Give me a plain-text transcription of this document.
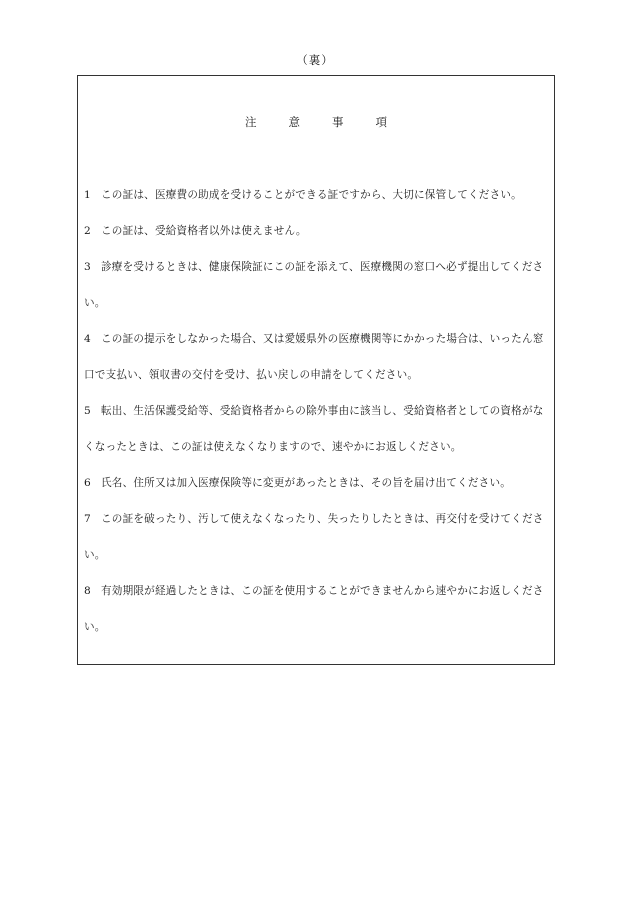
（裏）
注意事項
1 この証は、医療費の助成を受けることができる証ですから、大切に保管してください。
2 この証は、受給資格者以外は使えません。
3 診療を受けるときは、健康保険証にこの証を添えて、医療機関の窓口へ必ず提出してください。
4 この証の提示をしなかった場合、又は愛媛県外の医療機関等にかかった場合は、いったん窓口で支払い、領収書の交付を受け、払い戻しの申請をしてください。
5 転出、生活保護受給等、受給資格者からの除外事由に該当し、受給資格者としての資格がなくなったときは、この証は使えなくなりますので、速やかにお返しください。
6 氏名、住所又は加入医療保険等に変更があったときは、その旨を届け出てください。
7 この証を破ったり、汚して使えなくなったり、失ったりしたときは、再交付を受けてください。
8 有効期限が経過したときは、この証を使用することができませんから速やかにお返しください。
